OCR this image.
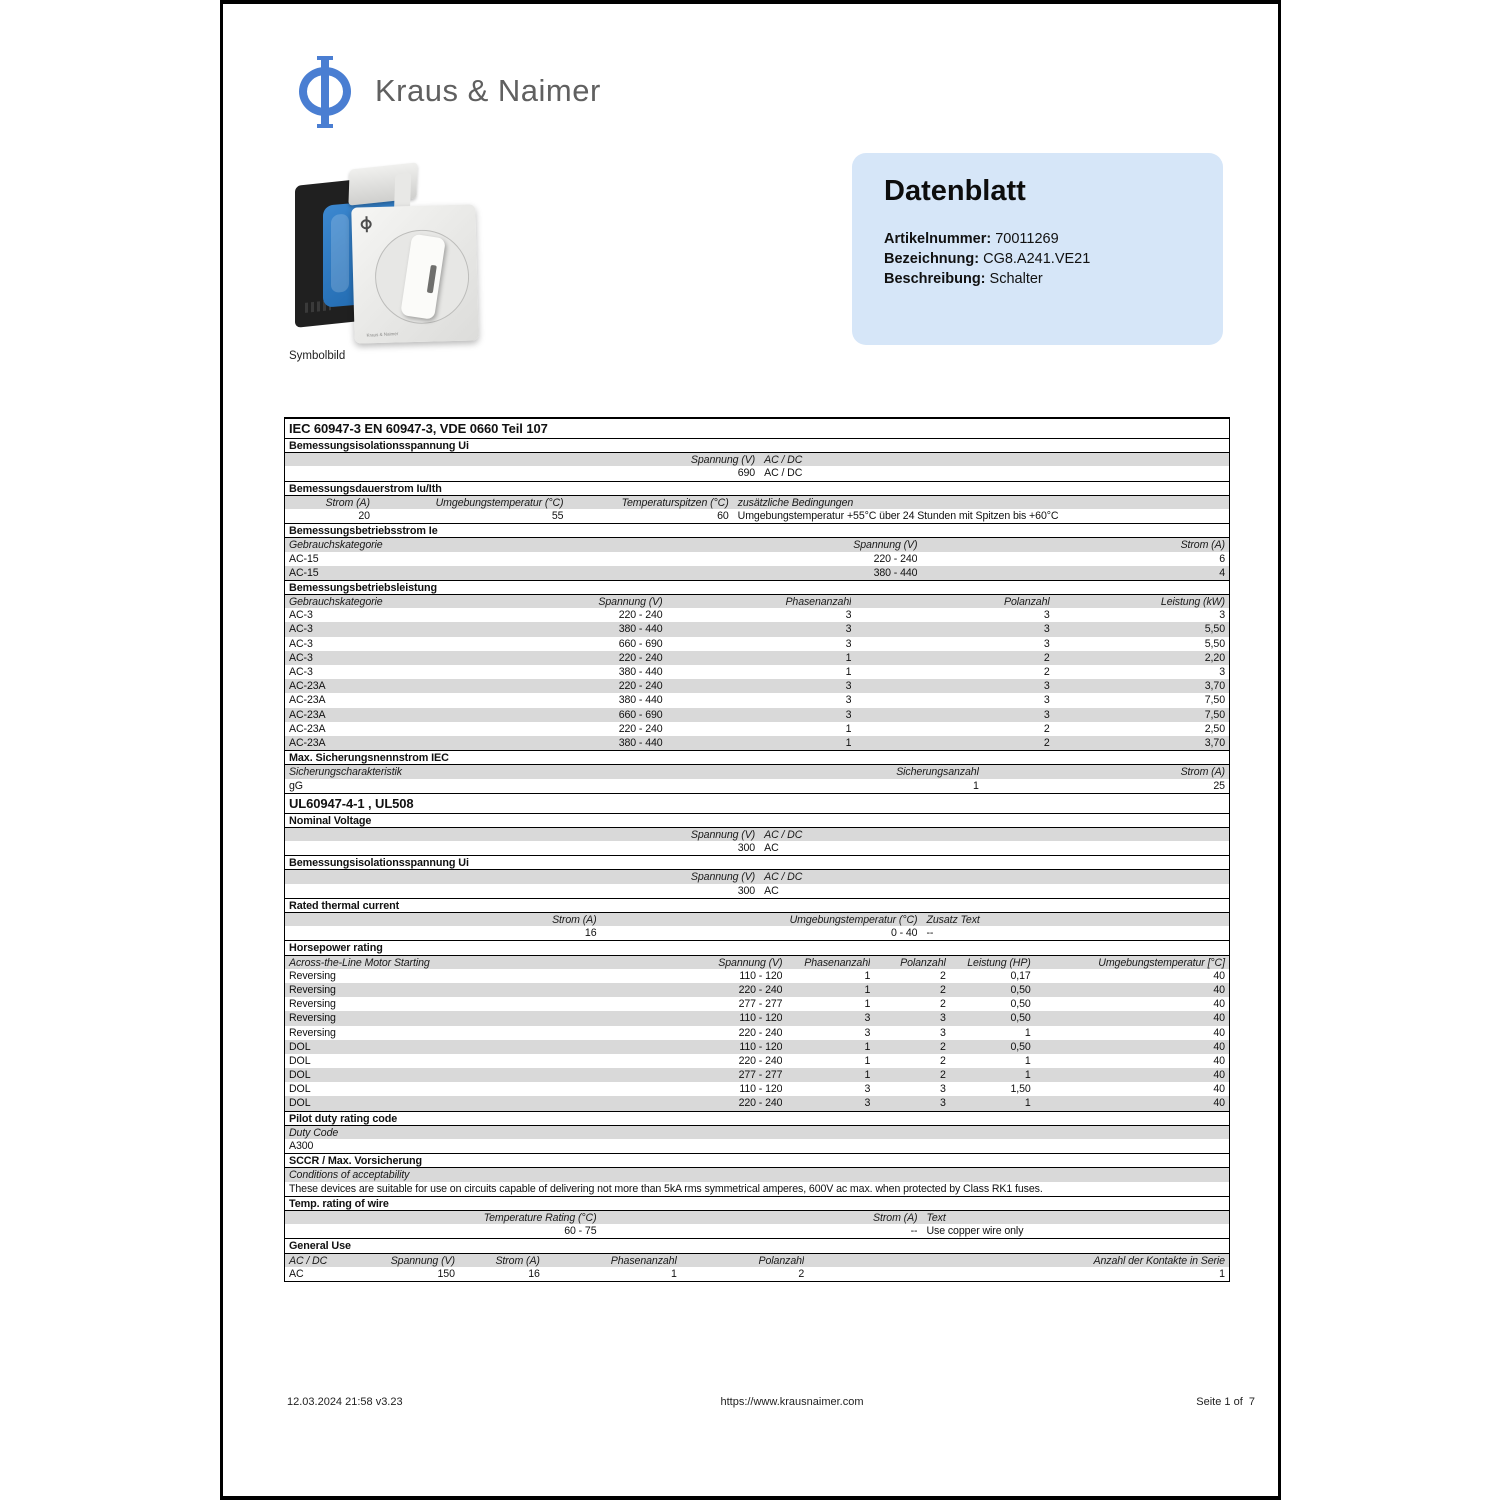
Kraus & Naimer
Kraus & Naimer
Symbolbild
Datenblatt
Artikelnummer: 70011269
Bezeichnung: CG8.A241.VE21
Beschreibung: Schalter
IEC 60947-3 EN 60947-3, VDE 0660 Teil 107
Bemessungsisolationsspannung Ui
Spannung (V) AC / DC
690 AC / DC
Bemessungsdauerstrom Iu/Ith
Strom (A)	Umgebungstemperatur (°C)	Temperaturspitzen (°C) zusätzliche Bedingungen
20	55	60 Umgebungstemperatur +55°C über 24 Stunden mit Spitzen bis +60°C
Bemessungsbetriebsstrom Ie
Gebrauchskategorie	Spannung (V)	Strom (A)
AC-15	220 - 240	6
AC-15	380 - 440	4
Bemessungsbetriebsleistung
Gebrauchskategorie	Spannung (V)	Phasenanzahl	Polanzahl	Leistung (kW)
AC-3	220 - 240	3	3	3
AC-3	380 - 440	3	3	5,50
AC-3	660 - 690	3	3	5,50
AC-3	220 - 240	1	2	2,20
AC-3	380 - 440	1	2	3
AC-23A	220 - 240	3	3	3,70
AC-23A	380 - 440	3	3	7,50
AC-23A	660 - 690	3	3	7,50
AC-23A	220 - 240	1	2	2,50
AC-23A	380 - 440	1	2	3,70
Max. Sicherungsnennstrom IEC
Sicherungscharakteristik	Sicherungsanzahl	Strom (A)
gG	1	25
UL60947-4-1 , UL508
Nominal Voltage
Spannung (V) AC / DC
300 AC
Bemessungsisolationsspannung Ui
Spannung (V) AC / DC
300 AC
Rated thermal current
Strom (A)	Umgebungstemperatur (°C) Zusatz Text
16	0 - 40 --
Horsepower rating
Across-the-Line Motor Starting	Spannung (V)	Phasenanzahl	Polanzahl	Leistung (HP)	Umgebungstemperatur [°C]
Reversing	110 - 120	1	2	0,17	40
Reversing	220 - 240	1	2	0,50	40
Reversing	277 - 277	1	2	0,50	40
Reversing	110 - 120	3	3	0,50	40
Reversing	220 - 240	3	3	1	40
DOL	110 - 120	1	2	0,50	40
DOL	220 - 240	1	2	1	40
DOL	277 - 277	1	2	1	40
DOL	110 - 120	3	3	1,50	40
DOL	220 - 240	3	3	1	40
Pilot duty rating code
Duty Code
A300
SCCR / Max. Vorsicherung
Conditions of acceptability
These devices are suitable for use on circuits capable of delivering not more than 5kA rms symmetrical amperes, 600V ac max. when protected by Class RK1 fuses.
Temp. rating of wire
Temperature Rating (°C)	Strom (A) Text
60 - 75	-- Use copper wire only
General Use
AC / DC	Spannung (V)	Strom (A)	Phasenanzahl	Polanzahl	Anzahl der Kontakte in Serie
AC	150	16	1	2	1
12.03.2024 21:58 v3.23	https://www.krausnaimer.com	Seite 1 of  7
